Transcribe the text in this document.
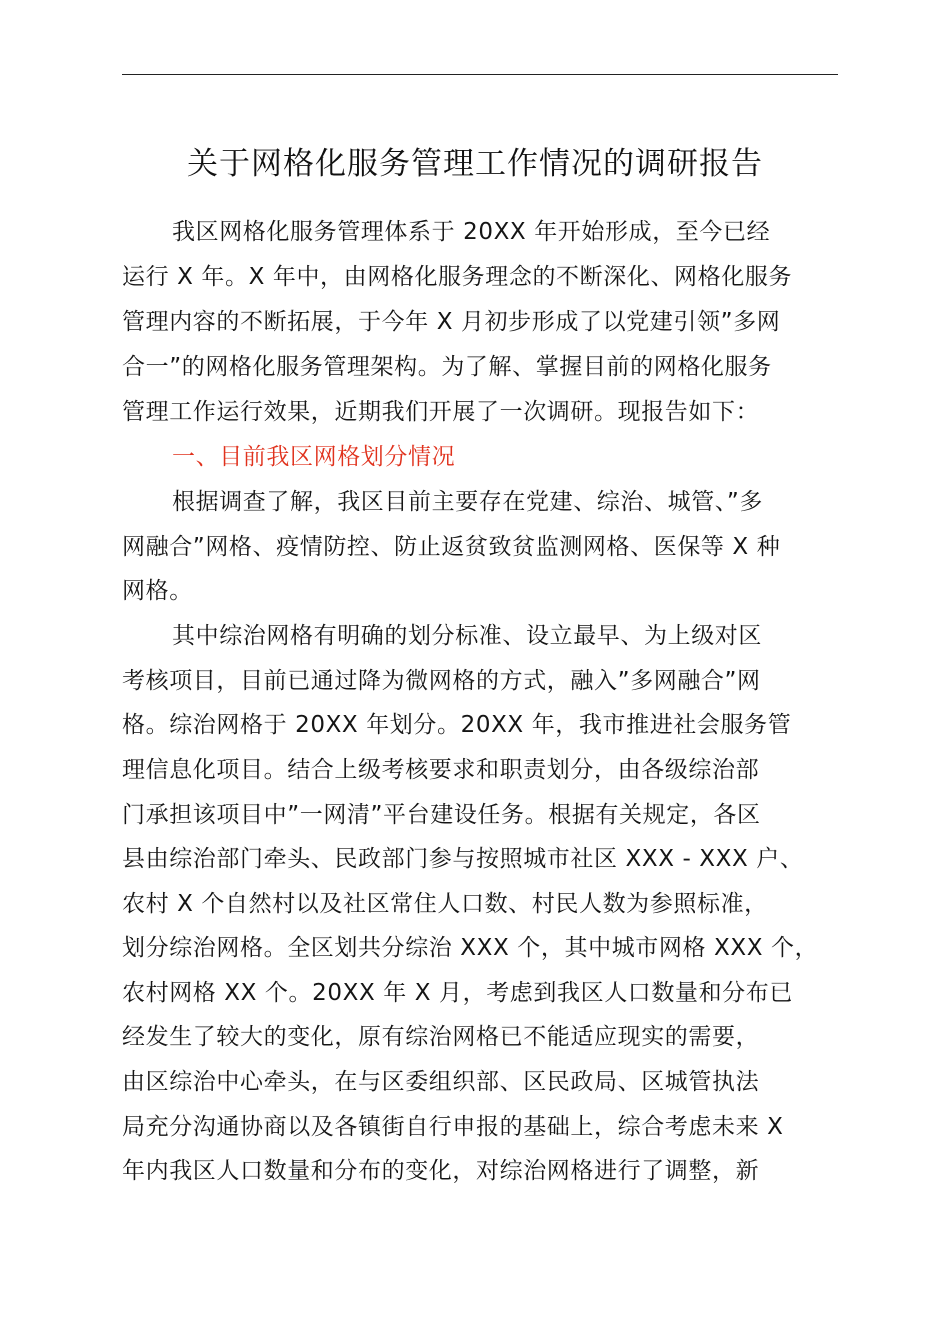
关于网格化服务管理工作情况的调研报告
我区网格化服务管理体系于 20XX 年开始形成，至今已经
运行 X 年。X 年中，由网格化服务理念的不断深化、网格化服务
管理内容的不断拓展，于今年 X 月初步形成了以党建引领”多网
合一”的网格化服务管理架构。为了解、掌握目前的网格化服务
管理工作运行效果，近期我们开展了一次调研。现报告如下：
一、目前我区网格划分情况
根据调查了解，我区目前主要存在党建、综治、城管、”多
网融合”网格、疫情防控、防止返贫致贫监测网格、医保等 X 种
网格。
其中综治网格有明确的划分标准、设立最早、为上级对区
考核项目，目前已通过降为微网格的方式，融入”多网融合”网
格。综治网格于 20XX 年划分。20XX 年，我市推进社会服务管
理信息化项目。结合上级考核要求和职责划分，由各级综治部
门承担该项目中”一网清”平台建设任务。根据有关规定，各区
县由综治部门牵头、民政部门参与按照城市社区 XXX - XXX 户、
农村 X 个自然村以及社区常住人口数、村民人数为参照标准，
划分综治网格。全区划共分综治 XXX 个，其中城市网格 XXX 个，
农村网格 XX 个。20XX 年 X 月，考虑到我区人口数量和分布已
经发生了较大的变化，原有综治网格已不能适应现实的需要，
由区综治中心牵头，在与区委组织部、区民政局、区城管执法
局充分沟通协商以及各镇街自行申报的基础上，综合考虑未来 X
年内我区人口数量和分布的变化，对综治网格进行了调整，新
